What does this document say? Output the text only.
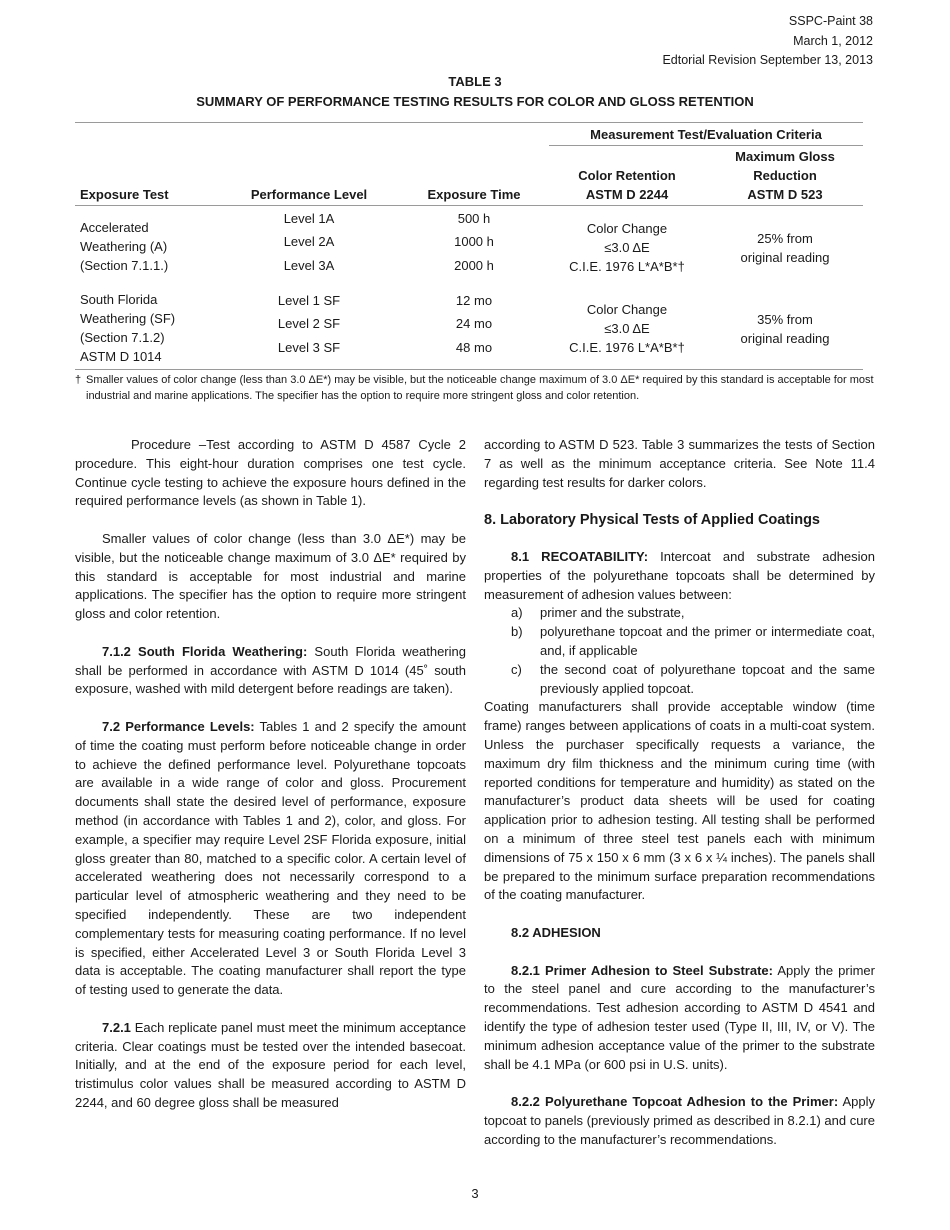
SSPC-Paint 38
March 1, 2012
Edtorial Revision September 13, 2013
TABLE 3
SUMMARY OF PERFORMANCE TESTING RESULTS FOR COLOR AND GLOSS RETENTION
Measurement Test/Evaluation Criteria
Exposure Test	Performance Level	Exposure Time
Color Retention
ASTM D 2244
Maximum Gloss
Reduction
ASTM D 523
Accelerated
Weathering (A)
(Section 7.1.1.)
Level 1A
Level 2A
Level 3A
500 h
1000 h
2000 h
Color Change
≤3.0 ΔE
C.I.E. 1976 L*A*B*†
25% from
original reading
South Florida
Weathering (SF)
(Section 7.1.2)
ASTM D 1014
Level 1 SF
Level 2 SF
Level 3 SF
12 mo
24 mo
48 mo
Color Change
≤3.0 ΔE
C.I.E. 1976 L*A*B*†
35% from
original reading
† Smaller values of color change (less than 3.0 ΔE*) may be visible, but the noticeable change maximum of 3.0 ΔE* required by this standard is acceptable for most industrial and marine applications. The specifier has the option to require more stringent gloss and color retention.

Procedure –Test according to ASTM D 4587 Cycle 2 procedure. This eight-hour duration comprises one test cycle. Continue cycle testing to achieve the exposure hours defined in the required performance levels (as shown in Table 1).

Smaller values of color change (less than 3.0 ΔE*) may be visible, but the noticeable change maximum of 3.0 ΔE* required by this standard is acceptable for most industrial and marine applications. The specifier has the option to require more stringent gloss and color retention.

7.1.2 South Florida Weathering: South Florida weathering shall be performed in accordance with ASTM D 1014 (45˚ south exposure, washed with mild detergent before readings are taken).

7.2 Performance Levels: Tables 1 and 2 specify the amount of time the coating must perform before noticeable change in order to achieve the defined performance level. Polyurethane topcoats are available in a wide range of color and gloss. Procurement documents shall state the desired level of performance, exposure method (in accordance with Tables 1 and 2), color, and gloss. For example, a specifier may require Level 2SF Florida exposure, initial gloss greater than 80, matched to a specific color. A certain level of accelerated weathering does not necessarily correspond to a particular level of atmospheric weathering and they need to be specified independently. These are two independent complementary tests for measuring coating performance. If no level is specified, either Accelerated Level 3 or South Florida Level 3 data is acceptable. The coating manufacturer shall report the type of testing used to generate the data.

7.2.1 Each replicate panel must meet the minimum acceptance criteria. Clear coatings must be tested over the intended basecoat. Initially, and at the end of the exposure period for each level, tristimulus color values shall be measured according to ASTM D 2244, and 60 degree gloss shall be measured

according to ASTM D 523. Table 3 summarizes the tests of Section 7 as well as the minimum acceptance criteria. See Note 11.4 regarding test results for darker colors.

8. Laboratory Physical Tests of Applied Coatings

8.1 RECOATABILITY: Intercoat and substrate adhesion properties of the polyurethane topcoats shall be determined by measurement of adhesion values between:

a) primer and the substrate,
b) polyurethane topcoat and the primer or intermediate coat, and, if applicable
c) the second coat of polyurethane topcoat and the same previously applied topcoat.

Coating manufacturers shall provide acceptable window (time frame) ranges between applications of coats in a multi-coat system. Unless the purchaser specifically requests a variance, the maximum dry film thickness and the minimum curing time (with reported conditions for temperature and humidity) as stated on the manufacturer’s product data sheets will be used for coating application prior to adhesion testing. All testing shall be performed on a minimum of three steel test panels each with minimum dimensions of 75 x 150 x 6 mm (3 x 6 x ¼ inches). The panels shall be prepared to the minimum surface preparation recommendations of the coating manufacturer.

8.2 ADHESION

8.2.1 Primer Adhesion to Steel Substrate: Apply the primer to the steel panel and cure according to the manufacturer’s recommendations. Test adhesion according to ASTM D 4541 and identify the type of adhesion tester used (Type II, III, IV, or V). The minimum adhesion acceptance value of the primer to the substrate shall be 4.1 MPa (or 600 psi in U.S. units).

8.2.2 Polyurethane Topcoat Adhesion to the Primer: Apply topcoat to panels (previously primed as described in 8.2.1) and cure according to the manufacturer’s recommendations.

3
